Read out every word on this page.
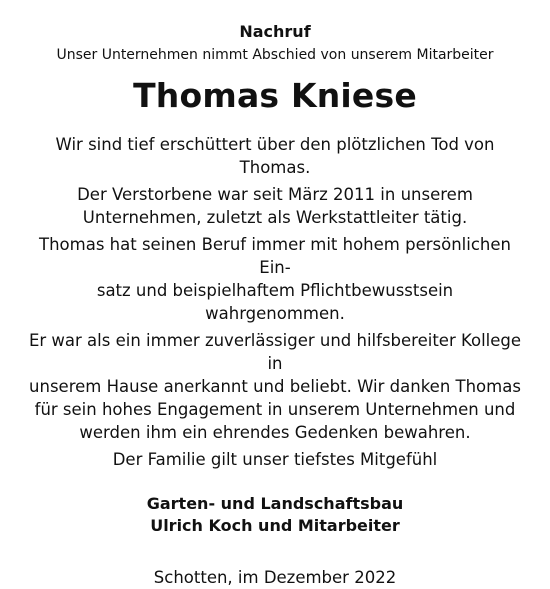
Nachruf

Unser Unternehmen nimmt Abschied von unserem Mitarbeiter

Thomas Kniese

Wir sind tief erschüttert über den plötzlichen Tod von
Thomas.

Der Verstorbene war seit März 2011 in unserem
Unternehmen, zuletzt als Werkstattleiter tätig.

Thomas hat seinen Beruf immer mit hohem persönlichen Ein-
satz und beispielhaftem Pflichtbewusstsein wahrgenommen.

Er war als ein immer zuverlässiger und hilfsbereiter Kollege in
unserem Hause anerkannt und beliebt. Wir danken Thomas
für sein hohes Engagement in unserem Unternehmen und
werden ihm ein ehrendes Gedenken bewahren.

Der Familie gilt unser tiefstes Mitgefühl

Garten- und Landschaftsbau

Ulrich Koch und Mitarbeiter

Schotten, im Dezember 2022
